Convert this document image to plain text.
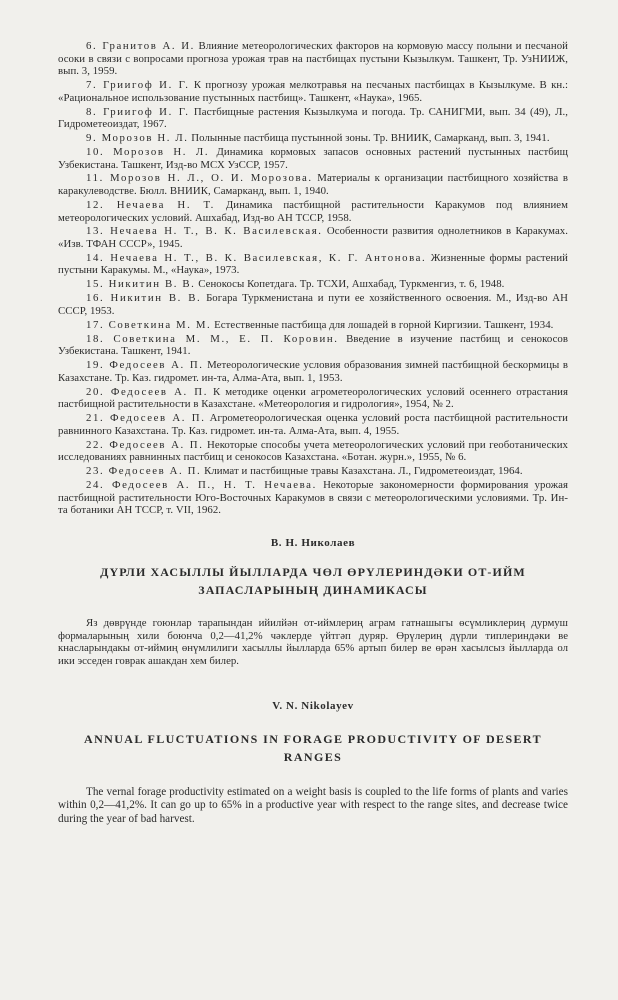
6. Гранитов А. И. Влияние метеорологических факторов на кормовую массу полыни и песчаной осоки в связи с вопросами прогноза урожая трав на пастбищах пустыни Кызылкум. Ташкент, Тр. УзНИИЖ, вып. 3, 1959.
7. Гриигоф И. Г. К прогнозу урожая мелкотравья на песчаных пастбищах в Кызылкуме. В кн.: «Рациональное использование пустынных пастбищ». Ташкент, «Наука», 1965.
8. Гриигоф И. Г. Пастбищные растения Кызылкума и погода. Тр. САНИГМИ, вып. 34 (49), Л., Гидрометеоиздат, 1967.
9. Морозов Н. Л. Полынные пастбища пустынной зоны. Тр. ВНИИК, Самарканд, вып. 3, 1941.
10. Морозов Н. Л. Динамика кормовых запасов основных растений пустынных пастбищ Узбекистана. Ташкент, Изд-во МСХ УзССР, 1957.
11. Морозов Н. Л., О. И. Морозова. Материалы к организации пастбищного хозяйства в каракулеводстве. Бюлл. ВНИИК, Самарканд, вып. 1, 1940.
12. Нечаева Н. Т. Динамика пастбищной растительности Каракумов под влиянием метеорологических условий. Ашхабад, Изд-во АН ТССР, 1958.
13. Нечаева Н. Т., В. К. Василевская. Особенности развития однолетников в Каракумах. «Изв. ТФАН СССР», 1945.
14. Нечаева Н. Т., В. К. Василевская, К. Г. Антонова. Жизненные формы растений пустыни Каракумы. М., «Наука», 1973.
15. Никитин В. В. Сенокосы Копетдага. Тр. ТСХИ, Ашхабад, Туркменгиз, т. 6, 1948.
16. Никитин В. В. Богара Туркменистана и пути ее хозяйственного освоения. М., Изд-во АН СССР, 1953.
17. Советкина М. М. Естественные пастбища для лошадей в горной Киргизии. Ташкент, 1934.
18. Советкина М. М., Е. П. Коровин. Введение в изучение пастбищ и сенокосов Узбекистана. Ташкент, 1941.
19. Федосеев А. П. Метеорологические условия образования зимней пастбищной бескормицы в Казахстане. Тр. Каз. гидромет. ин-та, Алма-Ата, вып. 1, 1953.
20. Федосеев А. П. К методике оценки агрометеорологических условий осеннего отрастания пастбищной растительности в Казахстане. «Метеорология и гидрология», 1954, № 2.
21. Федосеев А. П. Агрометеорологическая оценка условий роста пастбищной растительности равнинного Казахстана. Тр. Каз. гидромет. ин-та. Алма-Ата, вып. 4, 1955.
22. Федосеев А. П. Некоторые способы учета метеорологических условий при геоботанических исследованиях равнинных пастбищ и сенокосов Казахстана. «Ботан. журн.», 1955, № 6.
23. Федосеев А. П. Климат и пастбищные травы Казахстана. Л., Гидрометеоиздат, 1964.
24. Федосеев А. П., Н. Т. Нечаева. Некоторые закономерности формирования урожая пастбищной растительности Юго-Восточных Каракумов в связи с метеорологическими условиями. Тр. Ин-та ботаники АН ТССР, т. VII, 1962.
В. Н. Николаев
ДҮРЛИ ХАСЫЛЛЫ ЙЫЛЛАРДА ЧӨЛ ӨРҮЛЕРИНДӘКИ ОТ-ИЙМ ЗАПАСЛАРЫНЫҢ ДИНАМИКАСЫ

Яз дөврүнде гоюнлар тарапындан ийилйән от-иймлериң аграм гатнашыгы өсүмликлериң дурмуш формаларының хили боюнча 0,2—41,2% чәклерде үйтгәп дуряр. Өрүлериң дүрли типлериндәки ве кнасларындакы от-иймиң өнүмлилиги хасыллы йылларда 65% артып билер ве өрән хасылсыз йылларда ол ики эсседен говрак ашакдан хем билер.

V. N. Nikolayev
ANNUAL FLUCTUATIONS IN FORAGE PRODUCTIVITY OF DESERT RANGES

The vernal forage productivity estimated on a weight basis is coupled to the life forms of plants and varies within 0,2—41,2%. It can go up to 65% in a productive year with respect to the range sites, and decrease twice during the year of bad harvest.
